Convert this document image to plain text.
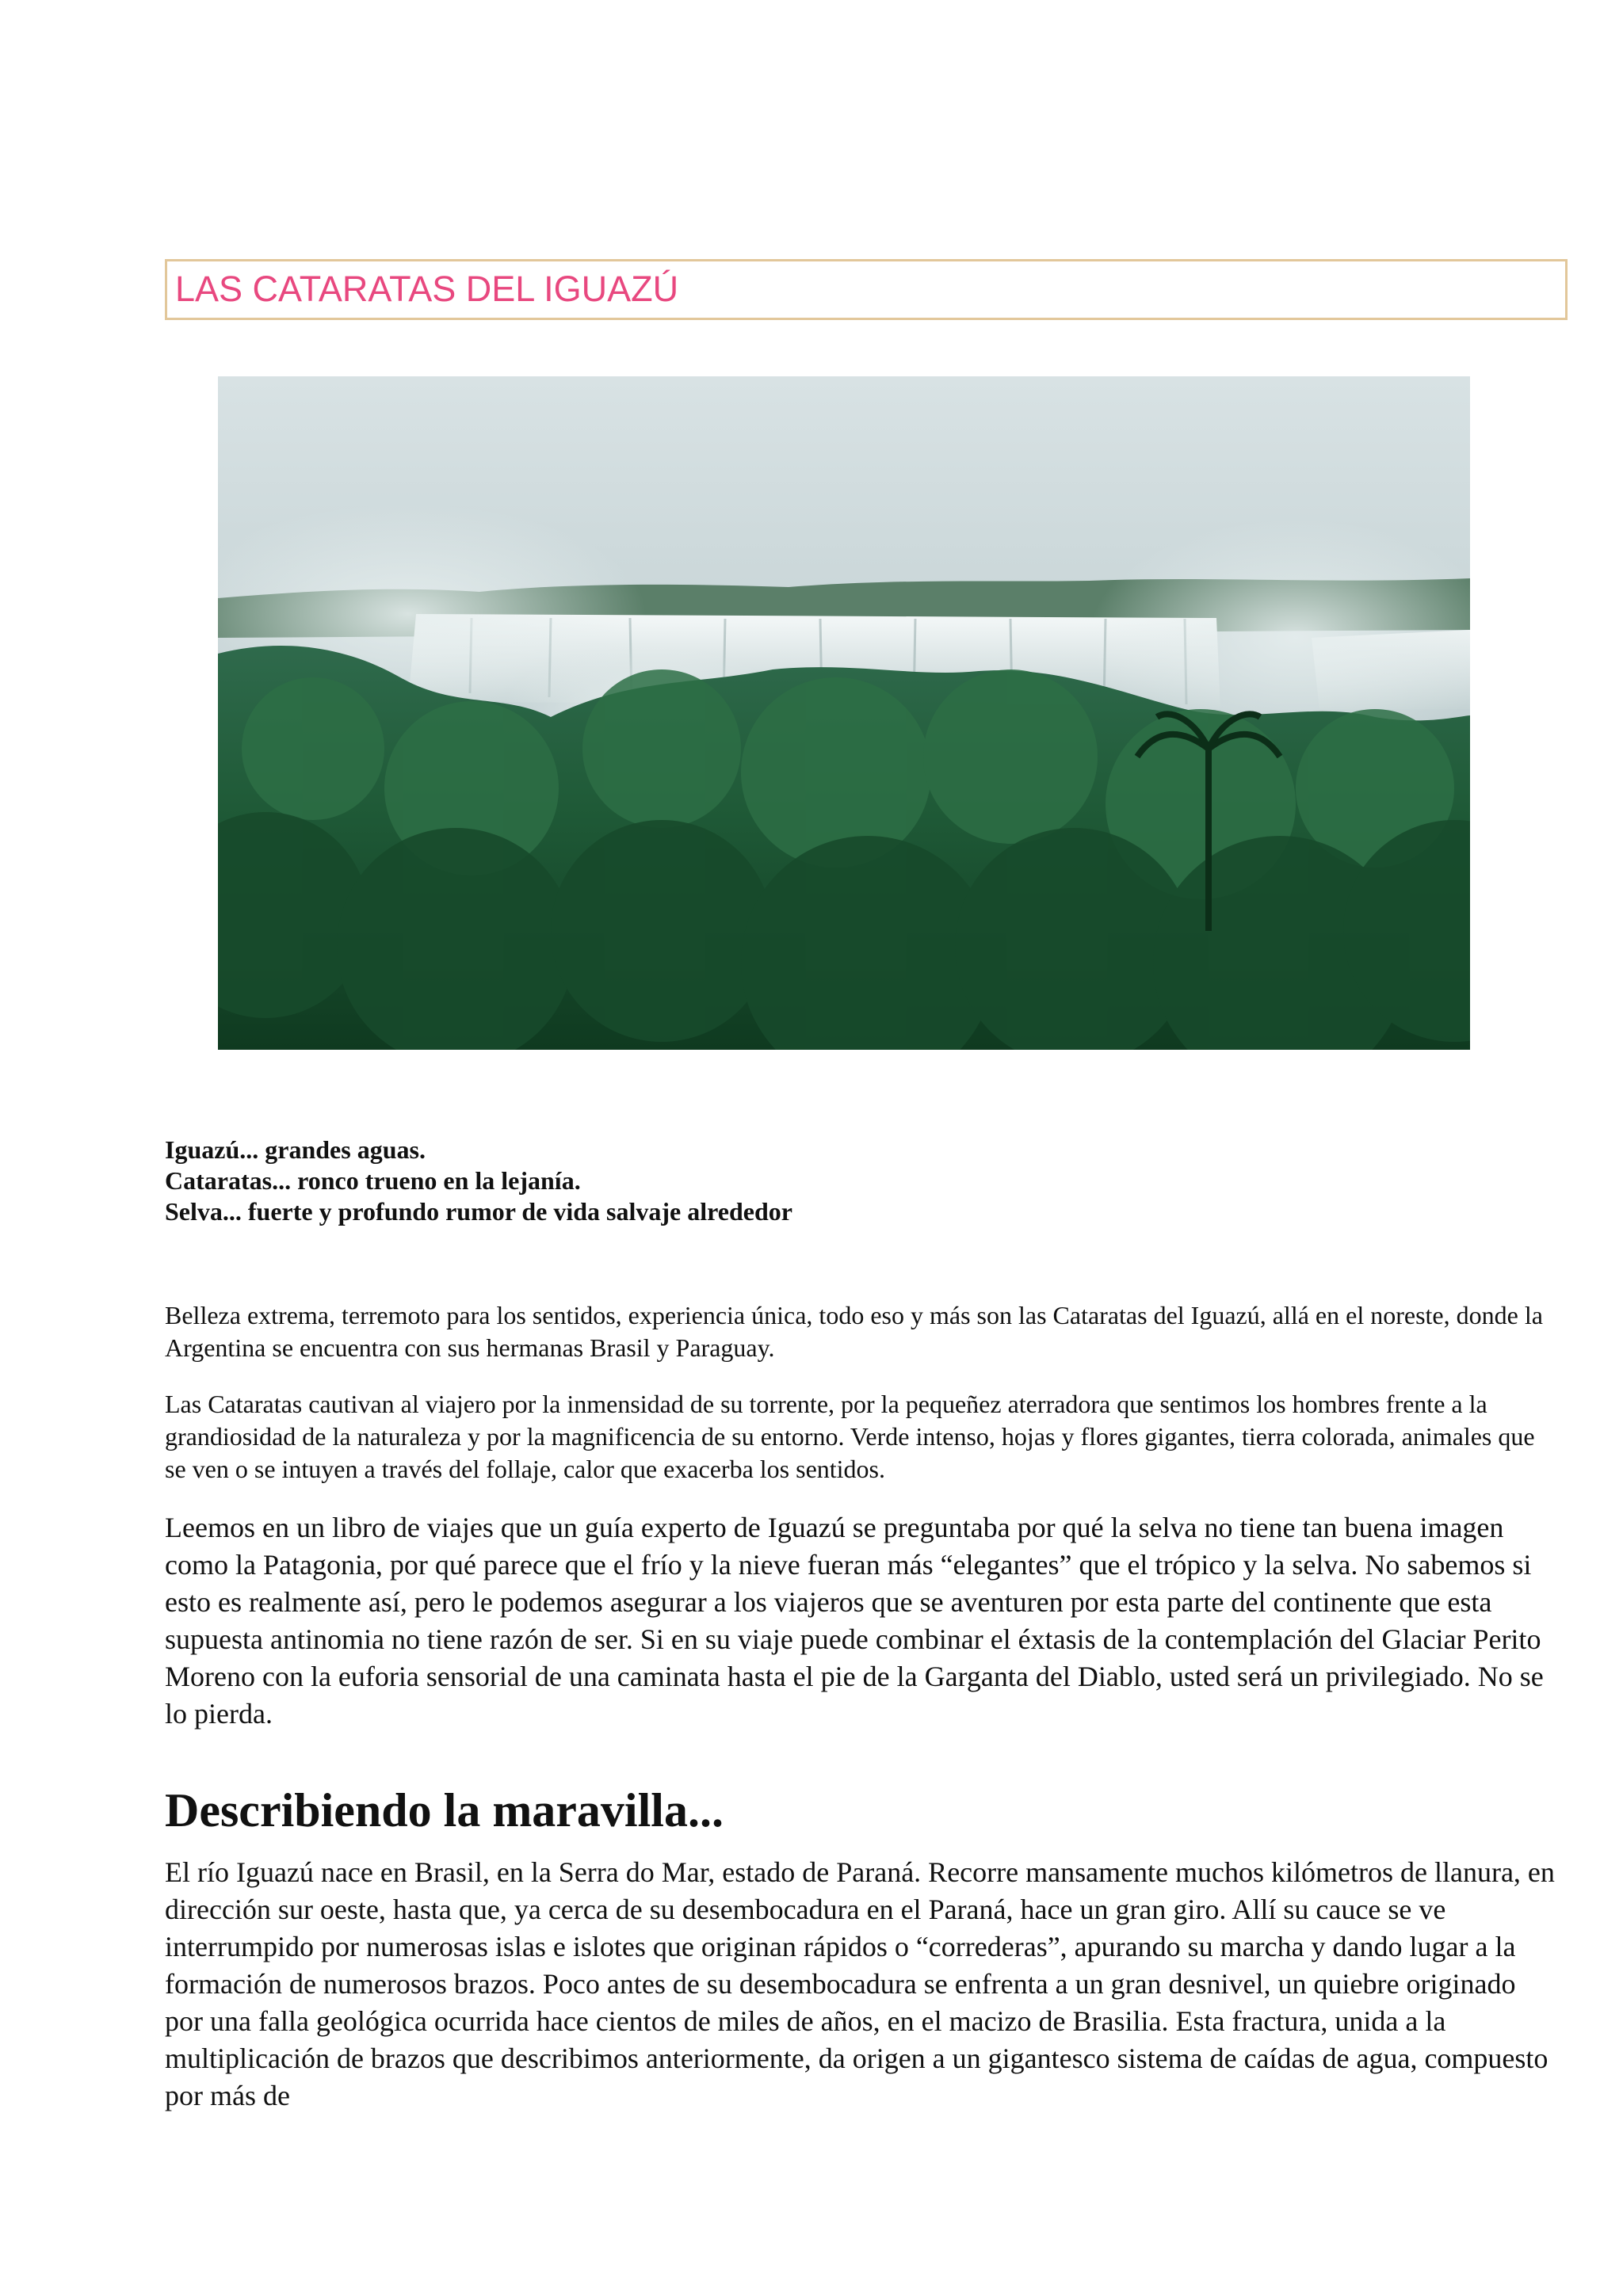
LAS CATARATAS DEL IGUAZÚ
Iguazú... grandes aguas.
Cataratas... ronco trueno en la lejanía.
Selva... fuerte y profundo rumor de vida salvaje alrededor

Belleza extrema, terremoto para los sentidos, experiencia única, todo eso y más son las Cataratas del Iguazú, allá en el noreste, donde la Argentina se encuentra con sus hermanas Brasil y Paraguay.

Las Cataratas cautivan al viajero por la inmensidad de su torrente, por la pequeñez aterradora que sentimos los hombres frente a la grandiosidad de la naturaleza y por la magnificencia de su entorno. Verde intenso, hojas y flores gigantes, tierra colorada, animales que se ven o se intuyen a través del follaje, calor que exacerba los sentidos.

Leemos en un libro de viajes que un guía experto de Iguazú se preguntaba por qué la selva no tiene tan buena imagen como la Patagonia, por qué parece que el frío y la nieve fueran más “elegantes” que el trópico y la selva. No sabemos si esto es realmente así, pero le podemos asegurar a los viajeros que se aventuren por esta parte del continente que esta supuesta antinomia no tiene razón de ser. Si en su viaje puede combinar el éxtasis de la contemplación del Glaciar Perito Moreno con la euforia sensorial de una caminata hasta el pie de la Garganta del Diablo, usted será un privilegiado. No se lo pierda.

Describiendo la maravilla...

El río Iguazú nace en Brasil, en la Serra do Mar, estado de Paraná. Recorre mansamente muchos kilómetros de llanura, en dirección sur oeste, hasta que, ya cerca de su desembocadura en el Paraná, hace un gran giro. Allí su cauce se ve interrumpido por numerosas islas e islotes que originan rápidos o “correderas”, apurando su marcha y dando lugar a la formación de numerosos brazos. Poco antes de su desembocadura se enfrenta a un gran desnivel, un quiebre originado por una falla geológica ocurrida hace cientos de miles de años, en el macizo de Brasilia. Esta fractura, unida a la multiplicación de brazos que describimos anteriormente, da origen a un gigantesco sistema de caídas de agua, compuesto por más de
